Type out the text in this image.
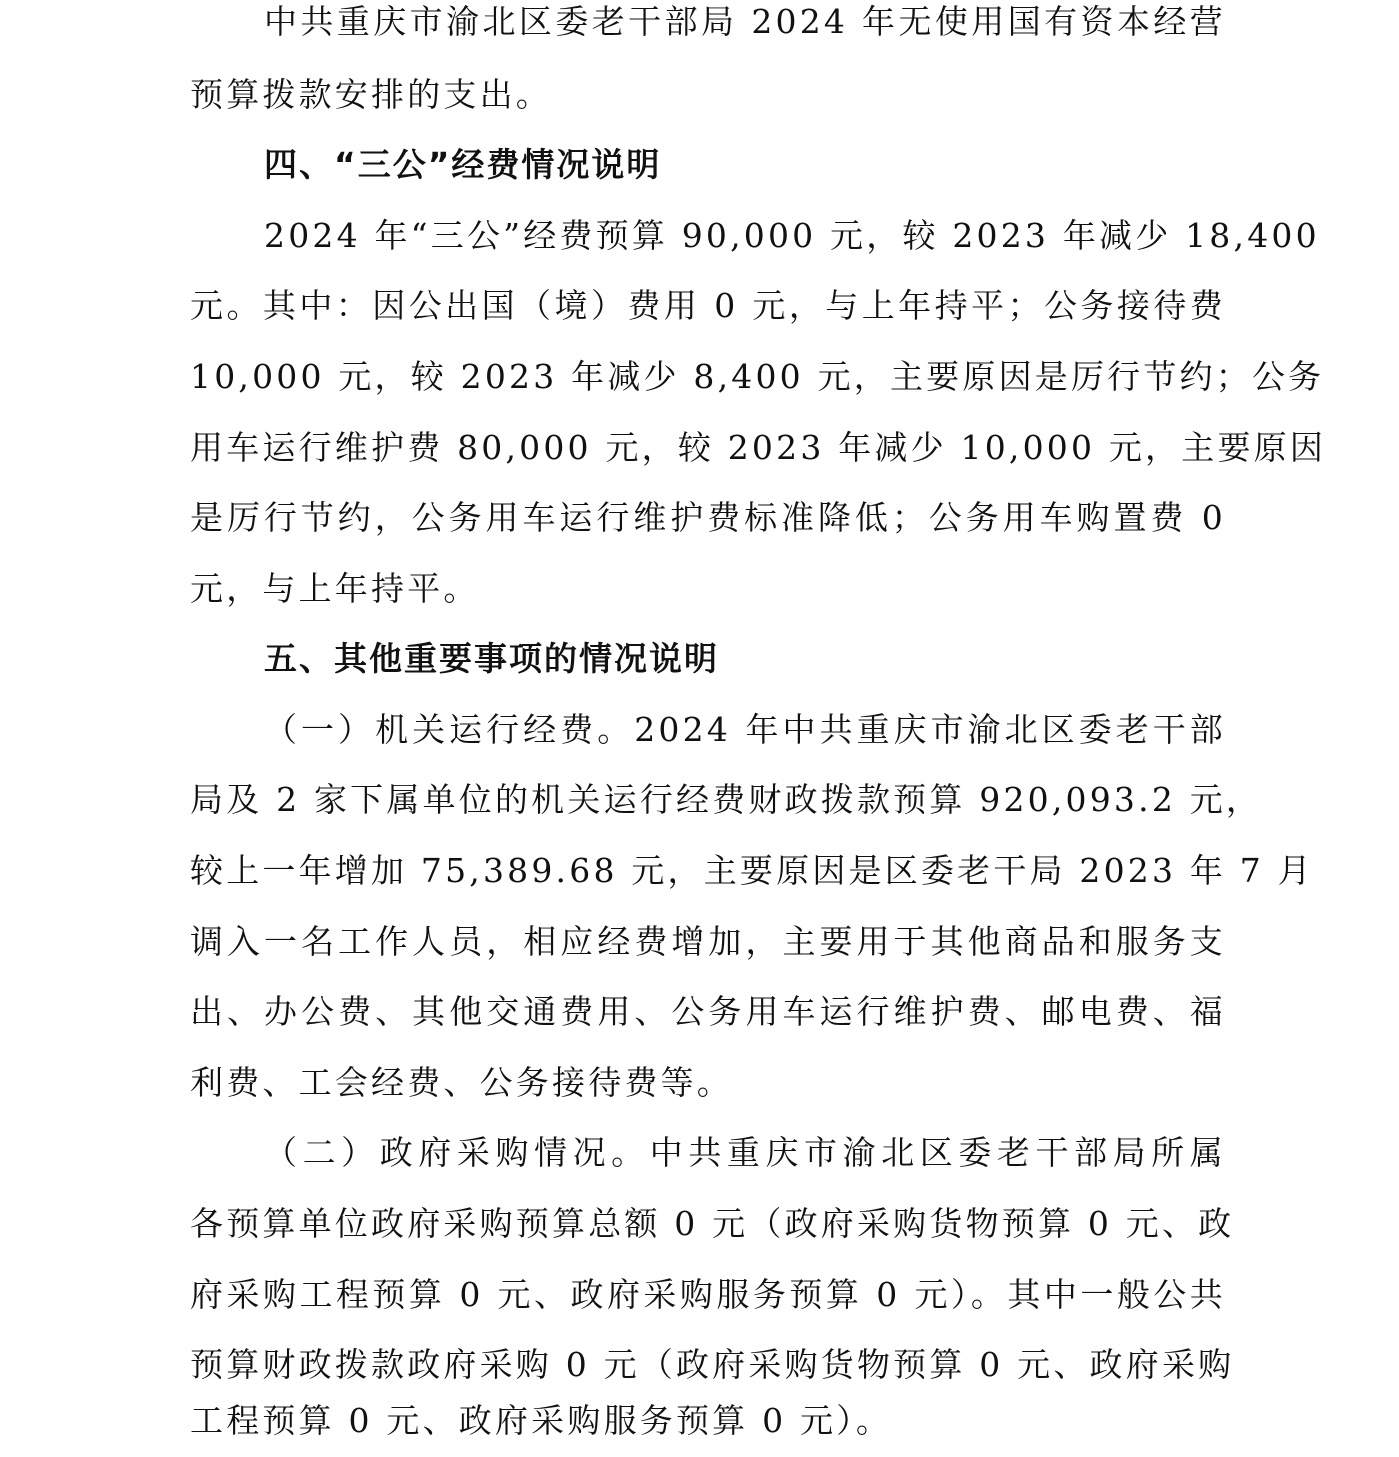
中共重庆市渝北区委老干部局 2024 年无使用国有资本经营
预算拨款安排的支出。
四、“三公”经费情况说明
2024 年“三公”经费预算 90,000 元，较 2023 年减少 18,400
元。其中：因公出国（境）费用 0 元，与上年持平；公务接待费
10,000 元，较 2023 年减少 8,400 元，主要原因是厉行节约；公务
用车运行维护费 80,000 元，较 2023 年减少 10,000 元，主要原因
是厉行节约，公务用车运行维护费标准降低；公务用车购置费 0
元，与上年持平。
五、其他重要事项的情况说明
（一）机关运行经费。2024 年中共重庆市渝北区委老干部
局及 2 家下属单位的机关运行经费财政拨款预算 920,093.2 元，
较上一年增加 75,389.68 元，主要原因是区委老干局 2023 年 7 月
调入一名工作人员，相应经费增加，主要用于其他商品和服务支
出、办公费、其他交通费用、公务用车运行维护费、邮电费、福
利费、工会经费、公务接待费等。
（二）政府采购情况。中共重庆市渝北区委老干部局所属
各预算单位政府采购预算总额 0 元（政府采购货物预算 0 元、政
府采购工程预算 0 元、政府采购服务预算 0 元）。其中一般公共
预算财政拨款政府采购 0 元（政府采购货物预算 0 元、政府采购
工程预算 0 元、政府采购服务预算 0 元）。
